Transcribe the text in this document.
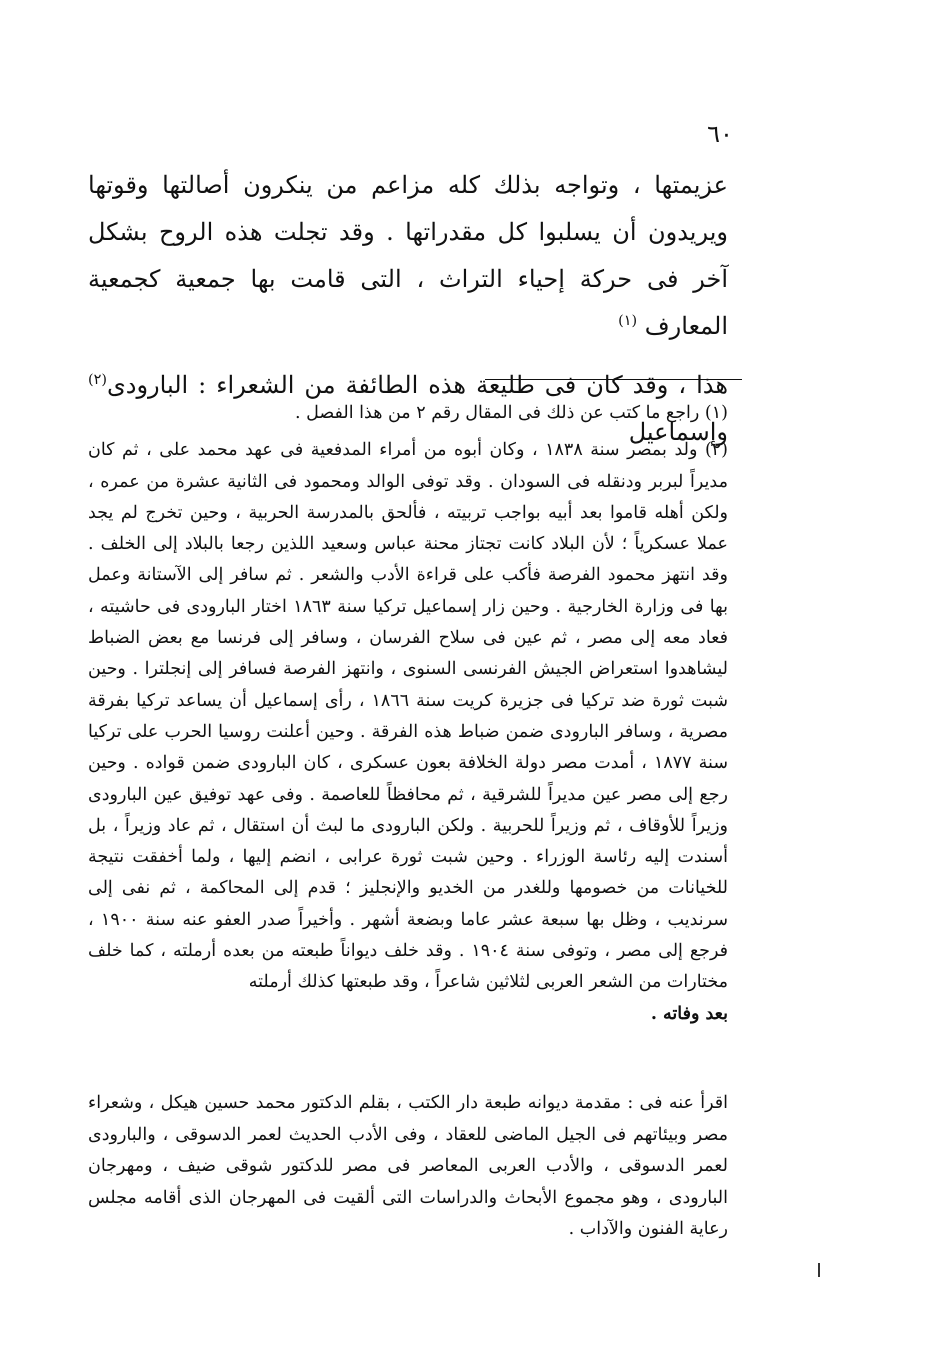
٦٠

عزيمتها ، وتواجه بذلك كله مزاعم من ينكرون أصالتها وقوتها ويريدون أن يسلبوا كل مقدراتها . وقد تجلت هذه الروح بشكل آخر فى حركة إحياء التراث ، التى قامت بها جمعية كجمعية المعارف $^{(١)}$

هذا ، وقد كان فى طليعة هذه الطائفة من الشعراء : البارودى$^{(٢)}$ وإسماعيل

(١) راجع ما كتب عن ذلك فى المقال رقم ٢ من هذا الفصل .

(٢) ولد بمصر سنة ١٨٣٨ ، وكان أبوه من أمراء المدفعية فى عهد محمد على ، ثم كان مديراً لبربر ودنقله فى السودان . وقد توفى الوالد ومحمود فى الثانية عشرة من عمره ، ولكن أهله قاموا بعد أبيه بواجب تربيته ، فألحق بالمدرسة الحربية ، وحين تخرج لم يجد عملا عسكرياً ؛ لأن البلاد كانت تجتاز محنة عباس وسعيد اللذين رجعا بالبلاد إلى الخلف . وقد انتهز محمود الفرصة فأكب على قراءة الأدب والشعر . ثم سافر إلى الآستانة وعمل بها فى وزارة الخارجية . وحين زار إسماعيل تركيا سنة ١٨٦٣ اختار البارودى فى حاشيته ، فعاد معه إلى مصر ، ثم عين فى سلاح الفرسان ، وسافر إلى فرنسا مع بعض الضباط ليشاهدوا استعراض الجيش الفرنسى السنوى ، وانتهز الفرصة فسافر إلى إنجلترا . وحين شبت ثورة ضد تركيا فى جزيرة كريت سنة ١٨٦٦ ، رأى إسماعيل أن يساعد تركيا بفرقة مصرية ، وسافر البارودى ضمن ضباط هذه الفرقة . وحين أعلنت روسيا الحرب على تركيا سنة ١٨٧٧ ، أمدت مصر دولة الخلافة بعون عسكرى ، كان البارودى ضمن قواده . وحين رجع إلى مصر عين مديراً للشرقية ، ثم محافظاً للعاصمة . وفى عهد توفيق عين البارودى وزيراً للأوقاف ، ثم وزيراً للحربية . ولكن البارودى ما لبث أن استقال ، ثم عاد وزيراً ، بل أسندت إليه رئاسة الوزراء . وحين شبت ثورة عرابى ، انضم إليها ، ولما أخفقت نتيجة للخيانات من خصومها وللغدر من الخديو والإنجليز ؛ قدم إلى المحاكمة ، ثم نفى إلى سرنديب ، وظل بها سبعة عشر عاما وبضعة أشهر . وأخيراً صدر العفو عنه سنة ١٩٠٠ ، فرجع إلى مصر ، وتوفى سنة ١٩٠٤ . وقد خلف ديواناً طبعته من بعده أرملته ، كما خلف مختارات من الشعر العربى لثلاثين شاعراً ، وقد طبعتها كذلك أرملته

بعد وفاته .

اقرأ عنه فى : مقدمة ديوانه طبعة دار الكتب ، بقلم الدكتور محمد حسين هيكل ، وشعراء مصر وبيئاتهم فى الجيل الماضى للعقاد ، وفى الأدب الحديث لعمر الدسوقى ، والبارودى لعمر الدسوقى ، والأدب العربى المعاصر فى مصر للدكتور شوقى ضيف ، ومهرجان البارودى ، وهو مجموع الأبحاث والدراسات التى ألقيت فى المهرجان الذى أقامه مجلس رعاية الفنون والآداب .
